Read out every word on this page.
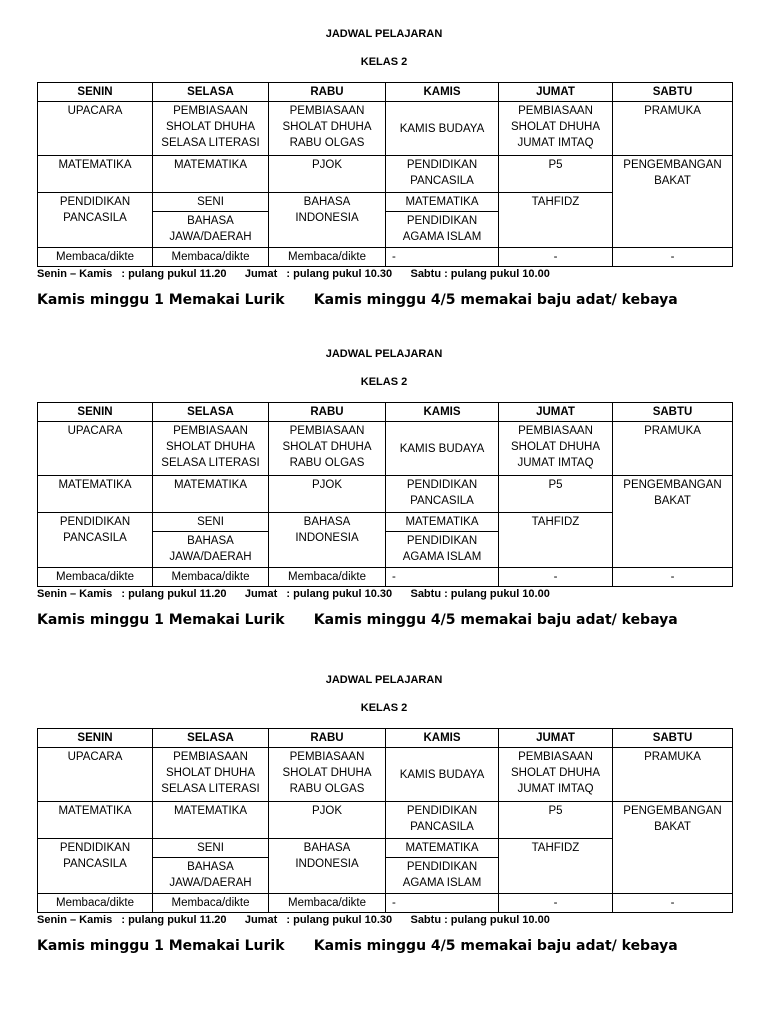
JADWAL PELAJARAN
KELAS 2
SENIN	SELASA	RABU	KAMIS	JUMAT	SABTU
UPACARA	PEMBIASAAN SHOLAT DHUHA SELASA LITERASI	PEMBIASAAN SHOLAT DHUHA RABU OLGAS	KAMIS BUDAYA	PEMBIASAAN SHOLAT DHUHA JUMAT IMTAQ	PRAMUKA
MATEMATIKA	MATEMATIKA	PJOK	PENDIDIKAN PANCASILA	P5	PENGEMBANGAN BAKAT
PENDIDIKAN PANCASILA	SENI	BAHASA INDONESIA	MATEMATIKA	TAHFIDZ	
	BAHASA JAWA/DAERAH		PENDIDIKAN AGAMA ISLAM		
Membaca/dikte	Membaca/dikte	Membaca/dikte	-	-	-
Senin – Kamis   : pulang pukul 11.20      Jumat   : pulang pukul 10.30      Sabtu : pulang pukul 10.00
Kamis minggu 1 Memakai Lurik      Kamis minggu 4/5 memakai baju adat/ kebaya
JADWAL PELAJARAN
KELAS 2
SENIN	SELASA	RABU	KAMIS	JUMAT	SABTU
UPACARA	PEMBIASAAN SHOLAT DHUHA SELASA LITERASI	PEMBIASAAN SHOLAT DHUHA RABU OLGAS	KAMIS BUDAYA	PEMBIASAAN SHOLAT DHUHA JUMAT IMTAQ	PRAMUKA
MATEMATIKA	MATEMATIKA	PJOK	PENDIDIKAN PANCASILA	P5	PENGEMBANGAN BAKAT
PENDIDIKAN PANCASILA	SENI	BAHASA INDONESIA	MATEMATIKA	TAHFIDZ	
	BAHASA JAWA/DAERAH		PENDIDIKAN AGAMA ISLAM		
Membaca/dikte	Membaca/dikte	Membaca/dikte	-	-	-
Senin – Kamis   : pulang pukul 11.20      Jumat   : pulang pukul 10.30      Sabtu : pulang pukul 10.00
Kamis minggu 1 Memakai Lurik      Kamis minggu 4/5 memakai baju adat/ kebaya
JADWAL PELAJARAN
KELAS 2
SENIN	SELASA	RABU	KAMIS	JUMAT	SABTU
UPACARA	PEMBIASAAN SHOLAT DHUHA SELASA LITERASI	PEMBIASAAN SHOLAT DHUHA RABU OLGAS	KAMIS BUDAYA	PEMBIASAAN SHOLAT DHUHA JUMAT IMTAQ	PRAMUKA
MATEMATIKA	MATEMATIKA	PJOK	PENDIDIKAN PANCASILA	P5	PENGEMBANGAN BAKAT
PENDIDIKAN PANCASILA	SENI	BAHASA INDONESIA	MATEMATIKA	TAHFIDZ	
	BAHASA JAWA/DAERAH		PENDIDIKAN AGAMA ISLAM		
Membaca/dikte	Membaca/dikte	Membaca/dikte	-	-	-
Senin – Kamis   : pulang pukul 11.20      Jumat   : pulang pukul 10.30      Sabtu : pulang pukul 10.00
Kamis minggu 1 Memakai Lurik      Kamis minggu 4/5 memakai baju adat/ kebaya
